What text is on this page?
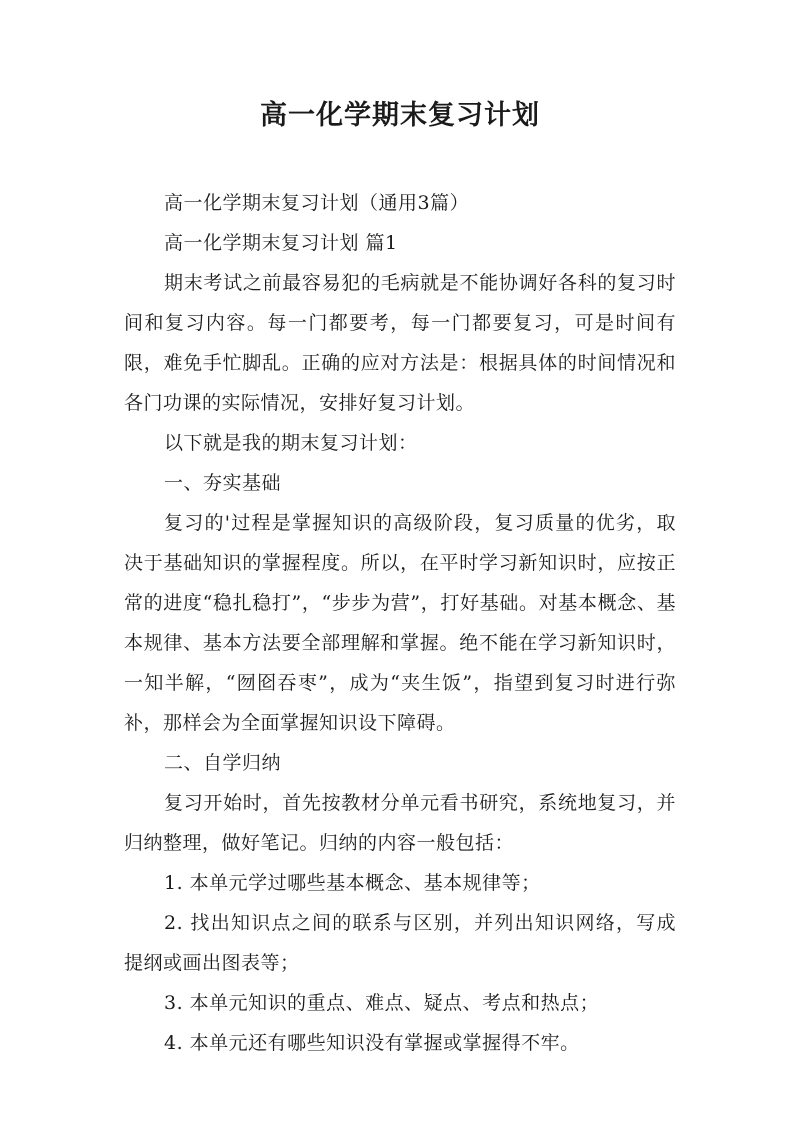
高一化学期末复习计划

高一化学期末复习计划（通用3篇）

高一化学期末复习计划 篇1

期末考试之前最容易犯的毛病就是不能协调好各科的复习时间和复习内容。每一门都要考，每一门都要复习，可是时间有限，难免手忙脚乱。正确的应对方法是：根据具体的时间情况和各门功课的实际情况，安排好复习计划。

以下就是我的期末复习计划：

一、夯实基础

复习的'过程是掌握知识的高级阶段，复习质量的优劣，取决于基础知识的掌握程度。所以，在平时学习新知识时，应按正常的进度“稳扎稳打”，“步步为营”，打好基础。对基本概念、基本规律、基本方法要全部理解和掌握。绝不能在学习新知识时，一知半解，“囫囵吞枣”，成为“夹生饭”，指望到复习时进行弥补，那样会为全面掌握知识设下障碍。

二、自学归纳

复习开始时，首先按教材分单元看书研究，系统地复习，并归纳整理，做好笔记。归纳的内容一般包括：

1. 本单元学过哪些基本概念、基本规律等；

2. 找出知识点之间的联系与区别，并列出知识网络，写成提纲或画出图表等；

3. 本单元知识的重点、难点、疑点、考点和热点；

4. 本单元还有哪些知识没有掌握或掌握得不牢。
